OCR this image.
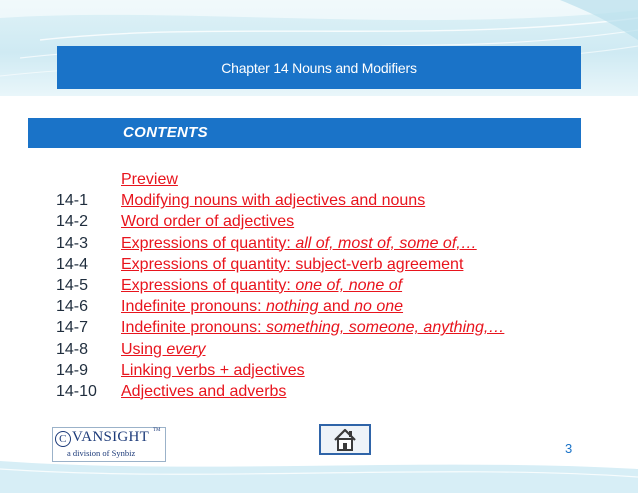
Chapter 14 Nouns and Modifiers
CONTENTS
Preview
14-1 Modifying nouns with adjectives and nouns
14-2 Word order of adjectives
14-3 Expressions of quantity: all of, most of, some of,…
14-4 Expressions of quantity: subject-verb agreement
14-5 Expressions of quantity: one of, none of
14-6 Indefinite pronouns: nothing and no one
14-7 Indefinite pronouns: something, someone, anything,…
14-8 Using every
14-9 Linking verbs + adjectives
14-10 Adjectives and adverbs
C VANSIGHT TM
a division of Synbiz	3
